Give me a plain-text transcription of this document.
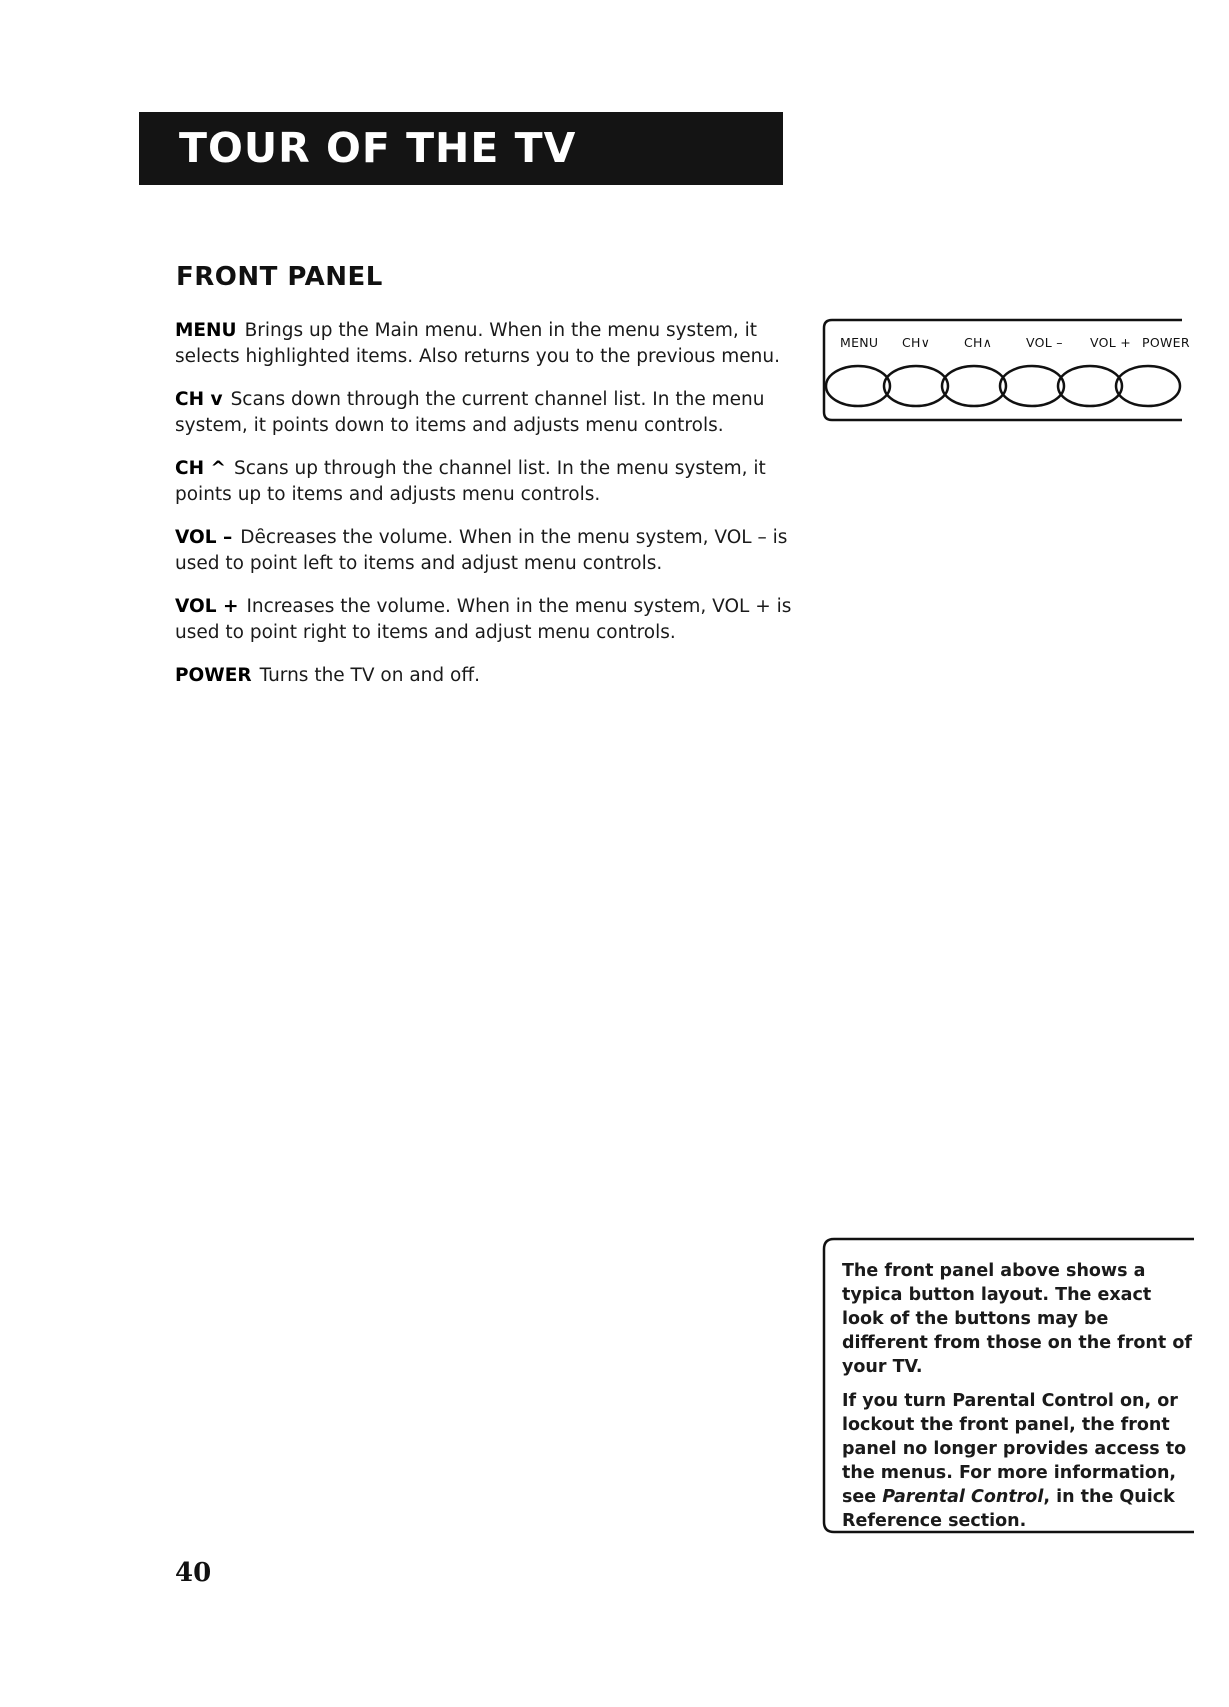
TOUR OF THE TV
FRONT PANEL

MENU Brings up the Main menu. When in the menu system, it selects highlighted items. Also returns you to the previous menu.

CH v Scans down through the current channel list. In the menu system, it points down to items and adjusts menu controls.

CH ^ Scans up through the channel list. In the menu system, it points up to items and adjusts menu controls.

VOL – Dȇcreases the volume. When in the menu system, VOL – is used to point left to items and adjust menu controls.

VOL + Increases the volume. When in the menu system, VOL + is used to point right to items and adjust menu controls.

POWER Turns the TV on and off.

MENU CH∨	CH∧	VOL – VOL + POWER

The front panel above shows a typica button layout. The exact look of the buttons may be different from those on the front of your TV.

If you turn Parental Control on, or lockout the front panel, the front panel no longer provides access to the menus. For more information, see Parental Control, in the Quick Reference section.

40
